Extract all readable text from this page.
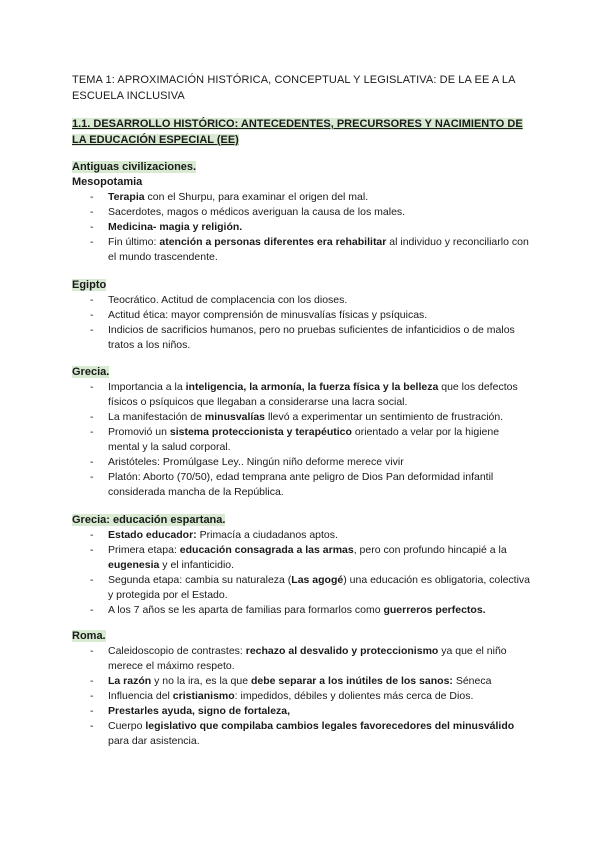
TEMA 1: APROXIMACIÓN HISTÓRICA, CONCEPTUAL Y LEGISLATIVA: DE LA EE A LA ESCUELA INCLUSIVA
1.1. DESARROLLO HISTÓRICO: ANTECEDENTES, PRECURSORES Y NACIMIENTO DE LA EDUCACIÓN ESPECIAL (EE)

Antiguas civilizaciones.

Mesopotamia

- Terapia con el Shurpu, para examinar el origen del mal.
- Sacerdotes, magos o médicos averiguan la causa de los males.
- Medicina- magia y religión.
- Fin último: atención a personas diferentes era rehabilitar al individuo y reconciliarlo con el mundo trascendente.

Egipto

- Teocrático. Actitud de complacencia con los dioses.
- Actitud ética: mayor comprensión de minusvalías físicas y psíquicas.
- Indicios de sacrificios humanos, pero no pruebas suficientes de infanticidios o de malos tratos a los niños.

Grecia.

- Importancia a la inteligencia, la armonía, la fuerza física y la belleza que los defectos físicos o psíquicos que llegaban a considerarse una lacra social.
- La manifestación de minusvalías llevó a experimentar un sentimiento de frustración.
- Promovió un sistema proteccionista y terapéutico orientado a velar por la higiene mental y la salud corporal.
- Aristóteles: Promúlgase Ley.. Ningún niño deforme merece vivir
- Platón: Aborto (70/50), edad temprana ante peligro de Dios Pan deformidad infantil considerada mancha de la República.

Grecia: educación espartana.

- Estado educador: Primacía a ciudadanos aptos.
- Primera etapa: educación consagrada a las armas, pero con profundo hincapié a la eugenesia y el infanticidio.
- Segunda etapa: cambia su naturaleza (Las agogé) una educación es obligatoria, colectiva y protegida por el Estado.
- A los 7 años se les aparta de familias para formarlos como guerreros perfectos.

Roma.

- Caleidoscopio de contrastes: rechazo al desvalido y proteccionismo ya que el niño merece el máximo respeto.
- La razón y no la ira, es la que debe separar a los inútiles de los sanos: Séneca
- Influencia del cristianismo: impedidos, débiles y dolientes más cerca de Dios.
- Prestarles ayuda, signo de fortaleza,
- Cuerpo legislativo que compilaba cambios legales favorecedores del minusválido para dar asistencia.
